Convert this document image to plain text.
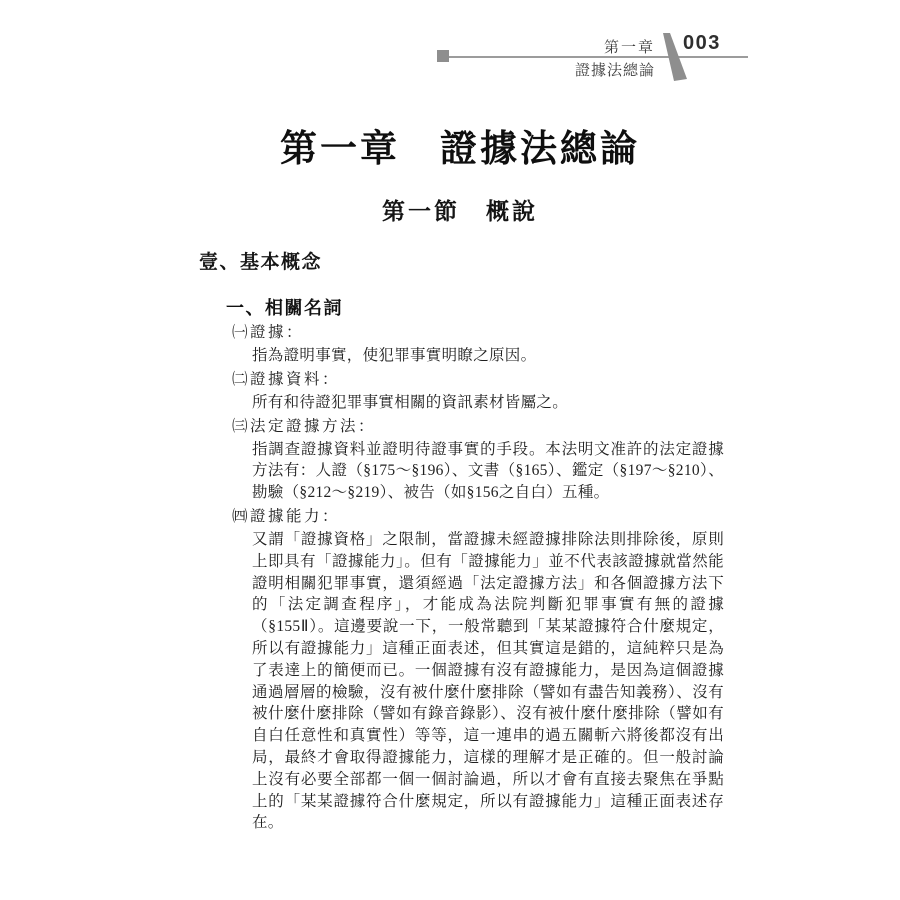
第一章
證據法總論
003
第一章　證據法總論
第一節　概說
壹、基本概念
一、相關名詞
㈠證據：
指為證明事實，使犯罪事實明瞭之原因。
㈡證據資料：
所有和待證犯罪事實相關的資訊素材皆屬之。
㈢法定證據方法：
指調查證據資料並證明待證事實的手段。本法明文准許的法定證據方法有：人證（§175～§196）、文書（§165）、鑑定（§197～§210）、勘驗（§212～§219）、被告（如§156之自白）五種。
㈣證據能力：
又謂「證據資格」之限制，當證據未經證據排除法則排除後，原則上即具有「證據能力」。但有「證據能力」並不代表該證據就當然能證明相關犯罪事實，還須經過「法定證據方法」和各個證據方法下的「法定調查程序」，才能成為法院判斷犯罪事實有無的證據（§155Ⅱ）。這邊要說一下，一般常聽到「某某證據符合什麼規定，所以有證據能力」這種正面表述，但其實這是錯的，這純粹只是為了表達上的簡便而已。一個證據有沒有證據能力，是因為這個證據通過層層的檢驗，沒有被什麼什麼排除（譬如有盡告知義務）、沒有被什麼什麼排除（譬如有錄音錄影）、沒有被什麼什麼排除（譬如有自白任意性和真實性）等等，這一連串的過五關斬六將後都沒有出局，最終才會取得證據能力，這樣的理解才是正確的。但一般討論上沒有必要全部都一個一個討論過，所以才會有直接去聚焦在爭點上的「某某證據符合什麼規定，所以有證據能力」這種正面表述存在。
